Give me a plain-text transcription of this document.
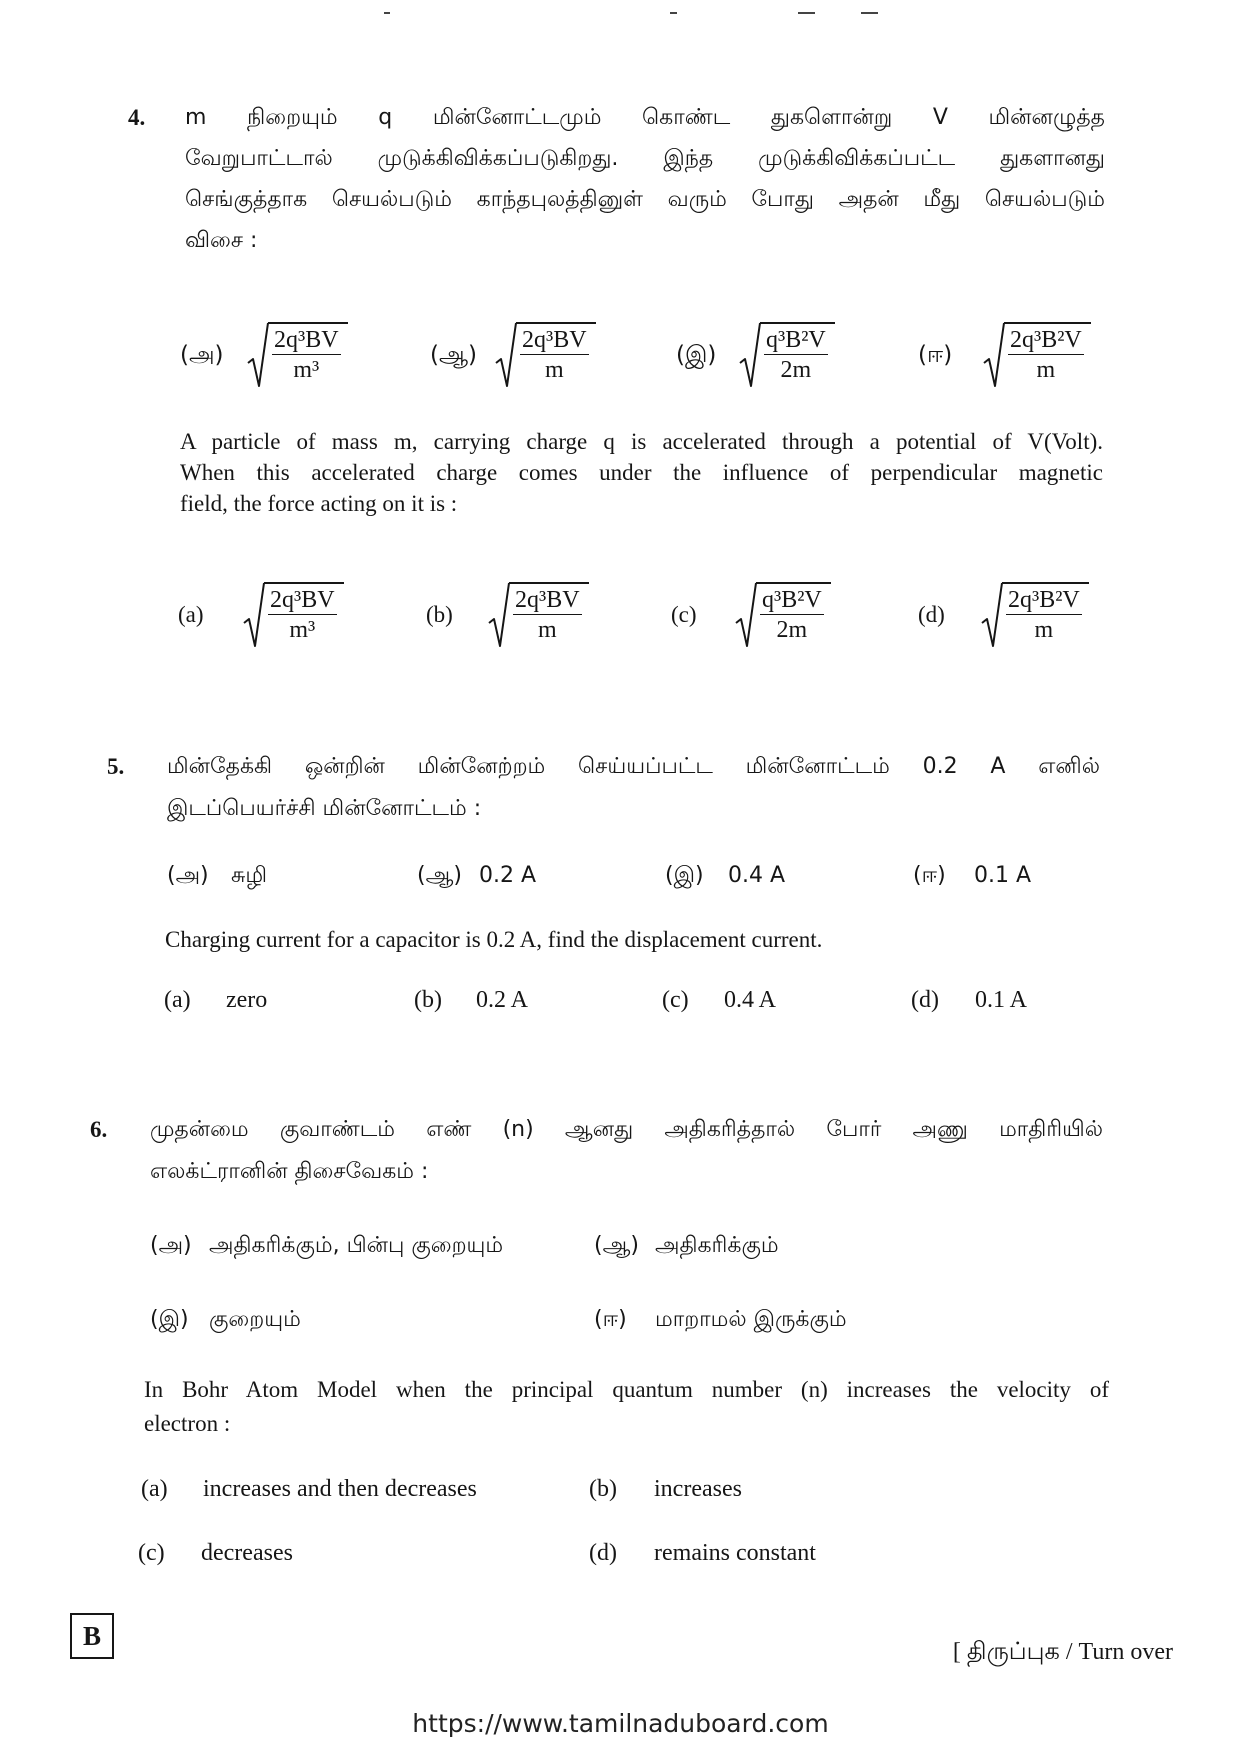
4. m நிறையும் q மின்னோட்டமும் கொண்ட துகளொன்று V மின்னழுத்த
வேறுபாட்டால் முடுக்கிவிக்கப்படுகிறது. இந்த முடுக்கிவிக்கப்பட்ட துகளானது
செங்குத்தாக செயல்படும் காந்தபுலத்தினுள் வரும் போது அதன் மீது செயல்படும்
விசை :
(அ) $\frac{\text{2q³BV}}{\text{m³}}$	(ஆ) $\frac{\text{2q³BV}}{m}$	(இ) $\frac{\text{q³B²V}}{2m}$	(ஈ) $\frac{\text{2q³B²V}}{m}$
A particle of mass m, carrying charge q is accelerated through a potential of V(Volt).
When this accelerated charge comes under the influence of perpendicular magnetic
field, the force acting on it is :
(a)	$\frac{\text{2q³BV}}{\text{m³}}$	$(b) \frac{\text{2q³BV}}{m}$	$(c) \frac{\text{q³B²V}}{2m}$	$(d) \frac{\text{2q³B²V}}{m}$
5. மின்தேக்கி ஒன்றின் மின்னேற்றம் செய்யப்பட்ட மின்னோட்டம் 0.2 A எனில்
இடப்பெயர்ச்சி மின்னோட்டம் :
(அ) சுழி	(ஆ) 0.2 A	(இ) 0.4 A	(ஈ) 0.1 A
Charging current for a capacitor is 0.2 A, find the displacement current.
(a) zero	(b) 0.2 A	(c) 0.4 A	(d) 0.1 A
6. முதன்மை குவாண்டம் எண் (n) ஆனது அதிகரித்தால் போர் அணு மாதிரியில்
எலக்ட்ரானின் திசைவேகம் :
(அ) அதிகரிக்கும், பின்பு குறையும்	(ஆ) அதிகரிக்கும்
(இ) குறையும்	(ஈ) மாறாமல் இருக்கும்
In Bohr Atom Model when the principal quantum number (n) increases the velocity of
electron :
(a) increases and then decreases	(b) increases
(c) decreases	(d) remains constant
B
[ திருப்புக / Turn over
https://www.tamilnaduboard.com
